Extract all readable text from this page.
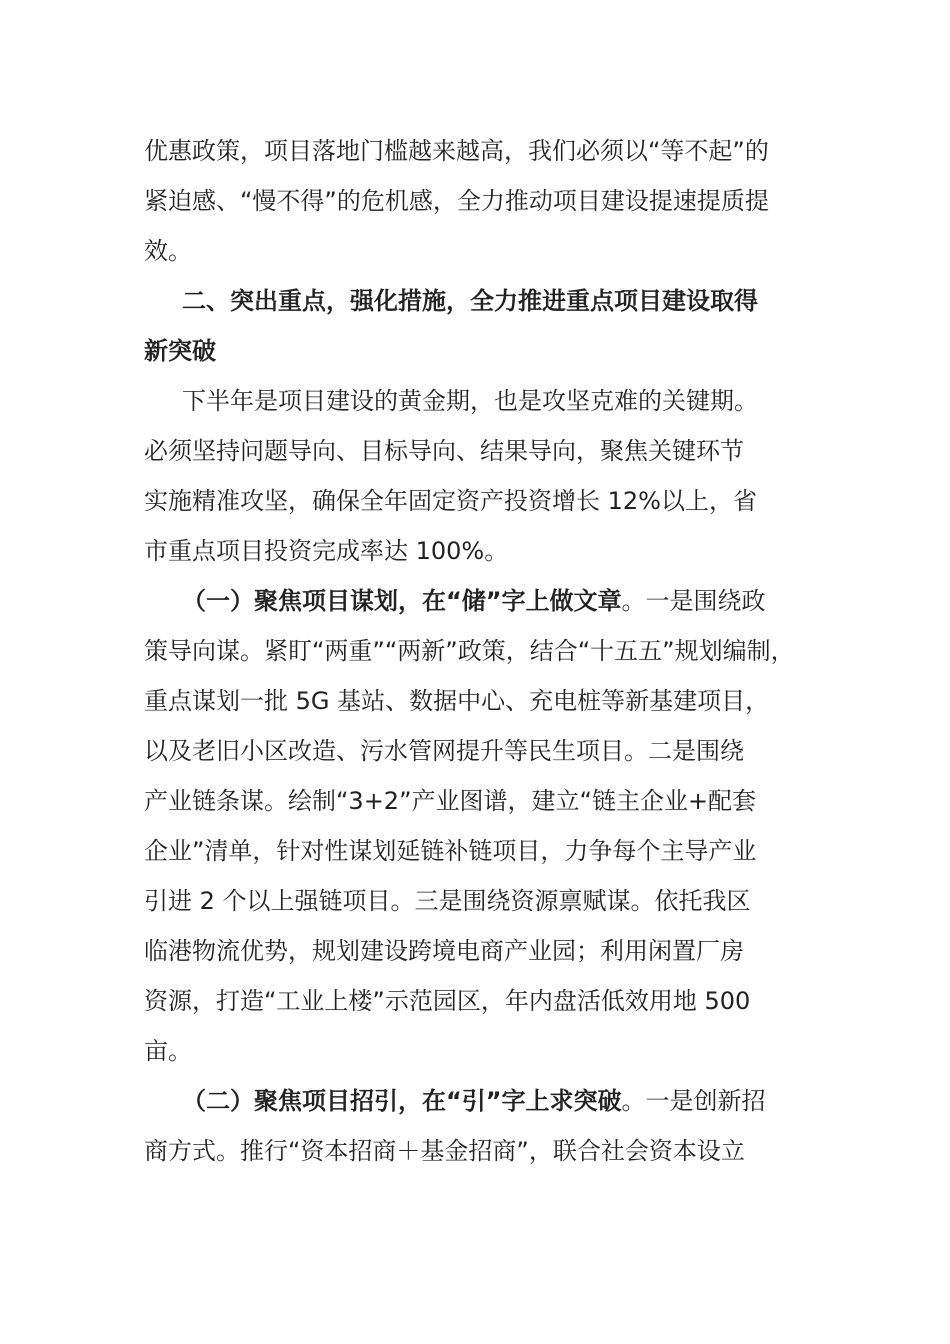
优惠政策，项目落地门槛越来越高，我们必须以“等不起”的
紧迫感、“慢不得”的危机感，全力推动项目建设提速提质提
效。

二、突出重点，强化措施，全力推进重点项目建设取得
新突破

下半年是项目建设的黄金期，也是攻坚克难的关键期。
必须坚持问题导向、目标导向、结果导向，聚焦关键环节
实施精准攻坚，确保全年固定资产投资增长 12%以上，省
市重点项目投资完成率达 100%。

（一）聚焦项目谋划，在“储”字上做文章。一是围绕政
策导向谋。紧盯“两重”“两新”政策，结合“十五五”规划编制，
重点谋划一批 5G 基站、数据中心、充电桩等新基建项目，
以及老旧小区改造、污水管网提升等民生项目。二是围绕
产业链条谋。绘制“3+2”产业图谱，建立“链主企业+配套
企业”清单，针对性谋划延链补链项目，力争每个主导产业
引进 2 个以上强链项目。三是围绕资源禀赋谋。依托我区
临港物流优势，规划建设跨境电商产业园；利用闲置厂房
资源，打造“工业上楼”示范园区，年内盘活低效用地 500
亩。

（二）聚焦项目招引，在“引”字上求突破。一是创新招
商方式。推行“资本招商＋基金招商”，联合社会资本设立
